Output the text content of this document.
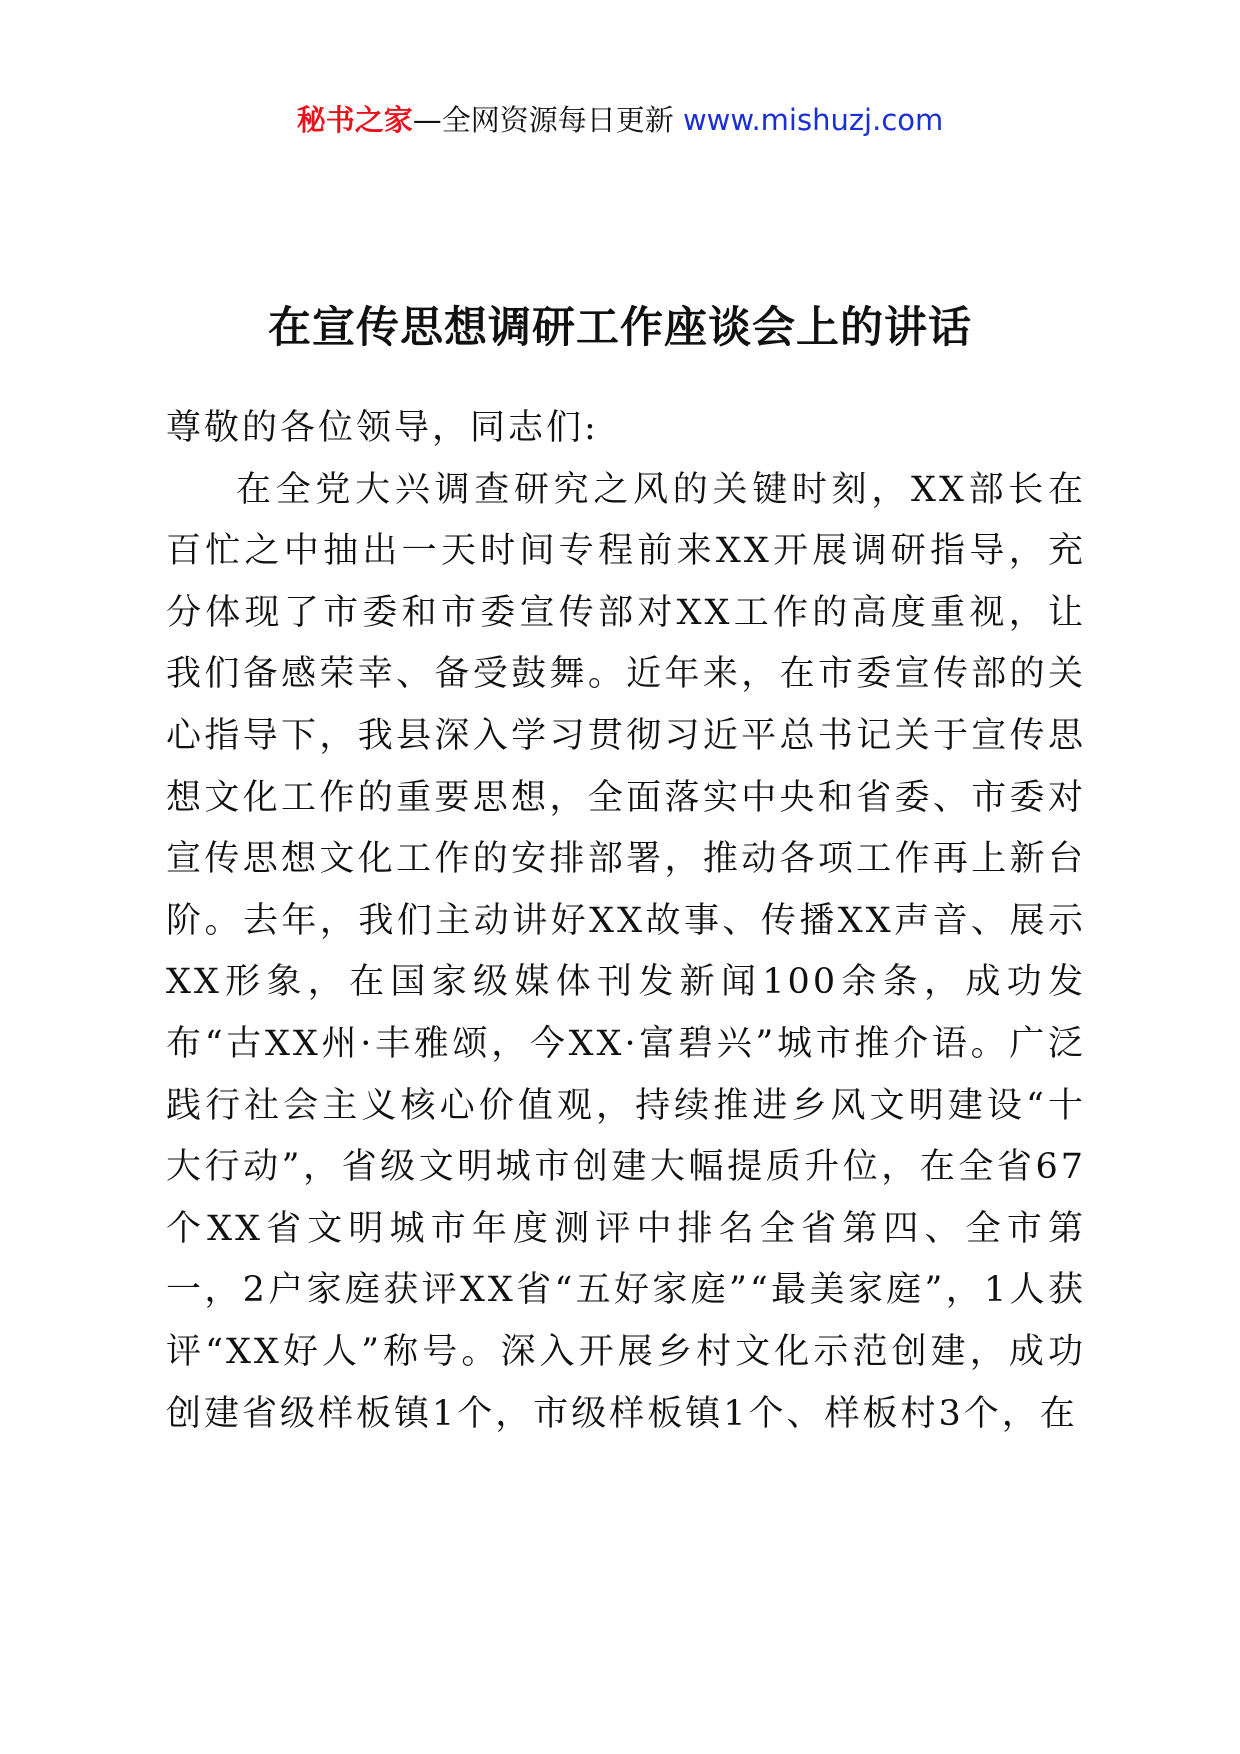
秘书之家—全网资源每日更新 www.mishuzj.com
在宣传思想调研工作座谈会上的讲话

尊敬的各位领导，同志们:

在全党大兴调查研究之风的关键时刻，XX部长在百忙之中抽出一天时间专程前来XX开展调研指导，充分体现了市委和市委宣传部对XX工作的高度重视，让我们备感荣幸、备受鼓舞。近年来，在市委宣传部的关心指导下，我县深入学习贯彻习近平总书记关于宣传思想文化工作的重要思想，全面落实中央和省委、市委对宣传思想文化工作的安排部署，推动各项工作再上新台阶。去年，我们主动讲好XX故事、传播XX声音、展示XX形象，在国家级媒体刊发新闻100余条，成功发布“古XX州·丰雅颂，今XX·富碧兴”城市推介语。广泛践行社会主义核心价值观，持续推进乡风文明建设“十大行动”，省级文明城市创建大幅提质升位，在全省67个XX省文明城市年度测评中排名全省第四、全市第一，2户家庭获评XX省“五好家庭”“最美家庭”，1人获评“XX好人”称号。深入开展乡村文化示范创建，成功创建省级样板镇1个，市级样板镇1个、样板村3个，在
